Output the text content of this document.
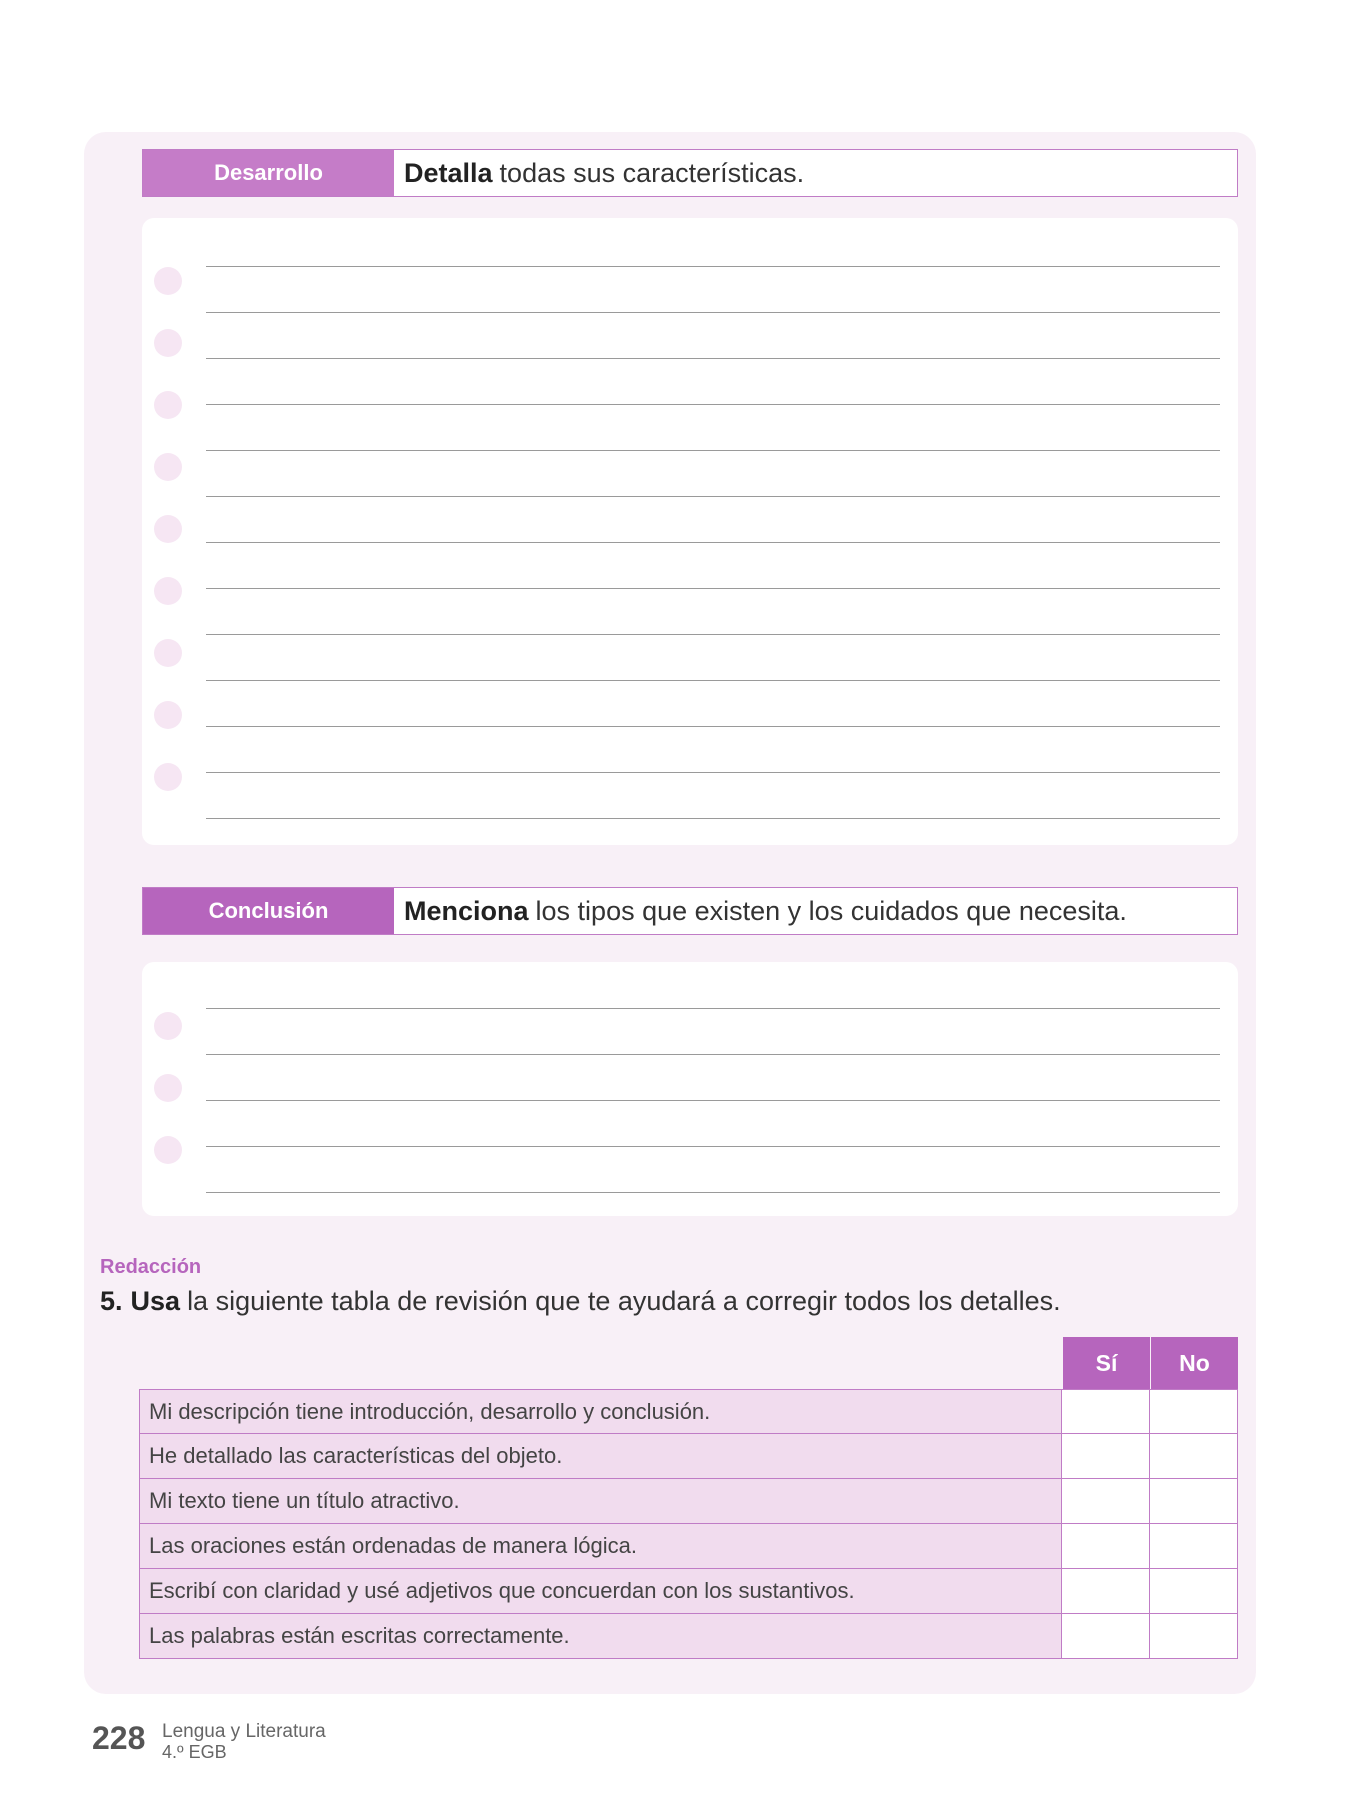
Desarrollo	Detalla todas sus características.
Conclusión	Menciona los tipos que existen y los cuidados que necesita.
Redacción
5. Usa la siguiente tabla de revisión que te ayudará a corregir todos los detalles.
Sí	No
Mi descripción tiene introducción, desarrollo y conclusión.
He detallado las características del objeto.
Mi texto tiene un título atractivo.
Las oraciones están ordenadas de manera lógica.
Escribí con claridad y usé adjetivos que concuerdan con los sustantivos.
Las palabras están escritas correctamente.
228 Lengua y Literatura
4.º EGB
